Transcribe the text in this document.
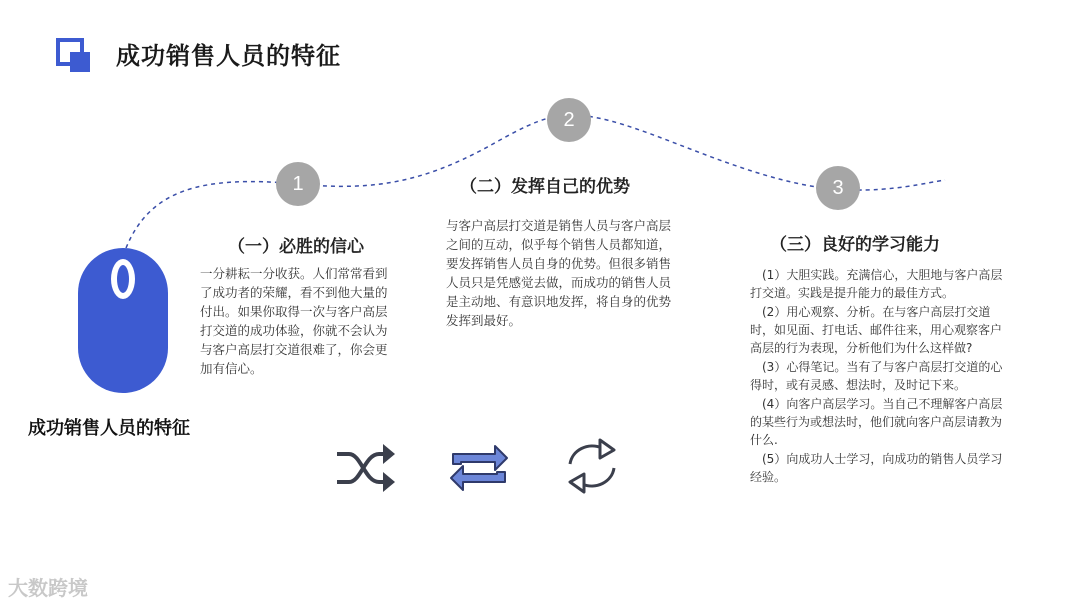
成功销售人员的特征
1
2
3
成功销售人员的特征
（一）必胜的信心
一分耕耘一分收获。人们常常看到了成功者的荣耀，看不到他大量的付出。如果你取得一次与客户高层打交道的成功体验，你就不会认为与客户高层打交道很难了，你会更加有信心。
（二）发挥自己的优势
与客户高层打交道是销售人员与客户高层之间的互动，似乎每个销售人员都知道，要发挥销售人员自身的优势。但很多销售人员只是凭感觉去做，而成功的销售人员是主动地、有意识地发挥，将自身的优势发挥到最好。
（三）良好的学习能力

(1）大胆实践。充满信心，大胆地与客户高层打交道。实践是提升能力的最佳方式。

(2）用心观察、分析。在与客户高层打交道时，如见面、打电话、邮件往来，用心观察客户高层的行为表现，分析他们为什么这样做?

(3）心得笔记。当有了与客户高层打交道的心得时，或有灵感、想法时，及时记下来。

(4）向客户高层学习。当自己不理解客户高层的某些行为或想法时，他们就向客户高层请教为什么.

(5）向成功人士学习，向成功的销售人员学习经验。

大数跨境
